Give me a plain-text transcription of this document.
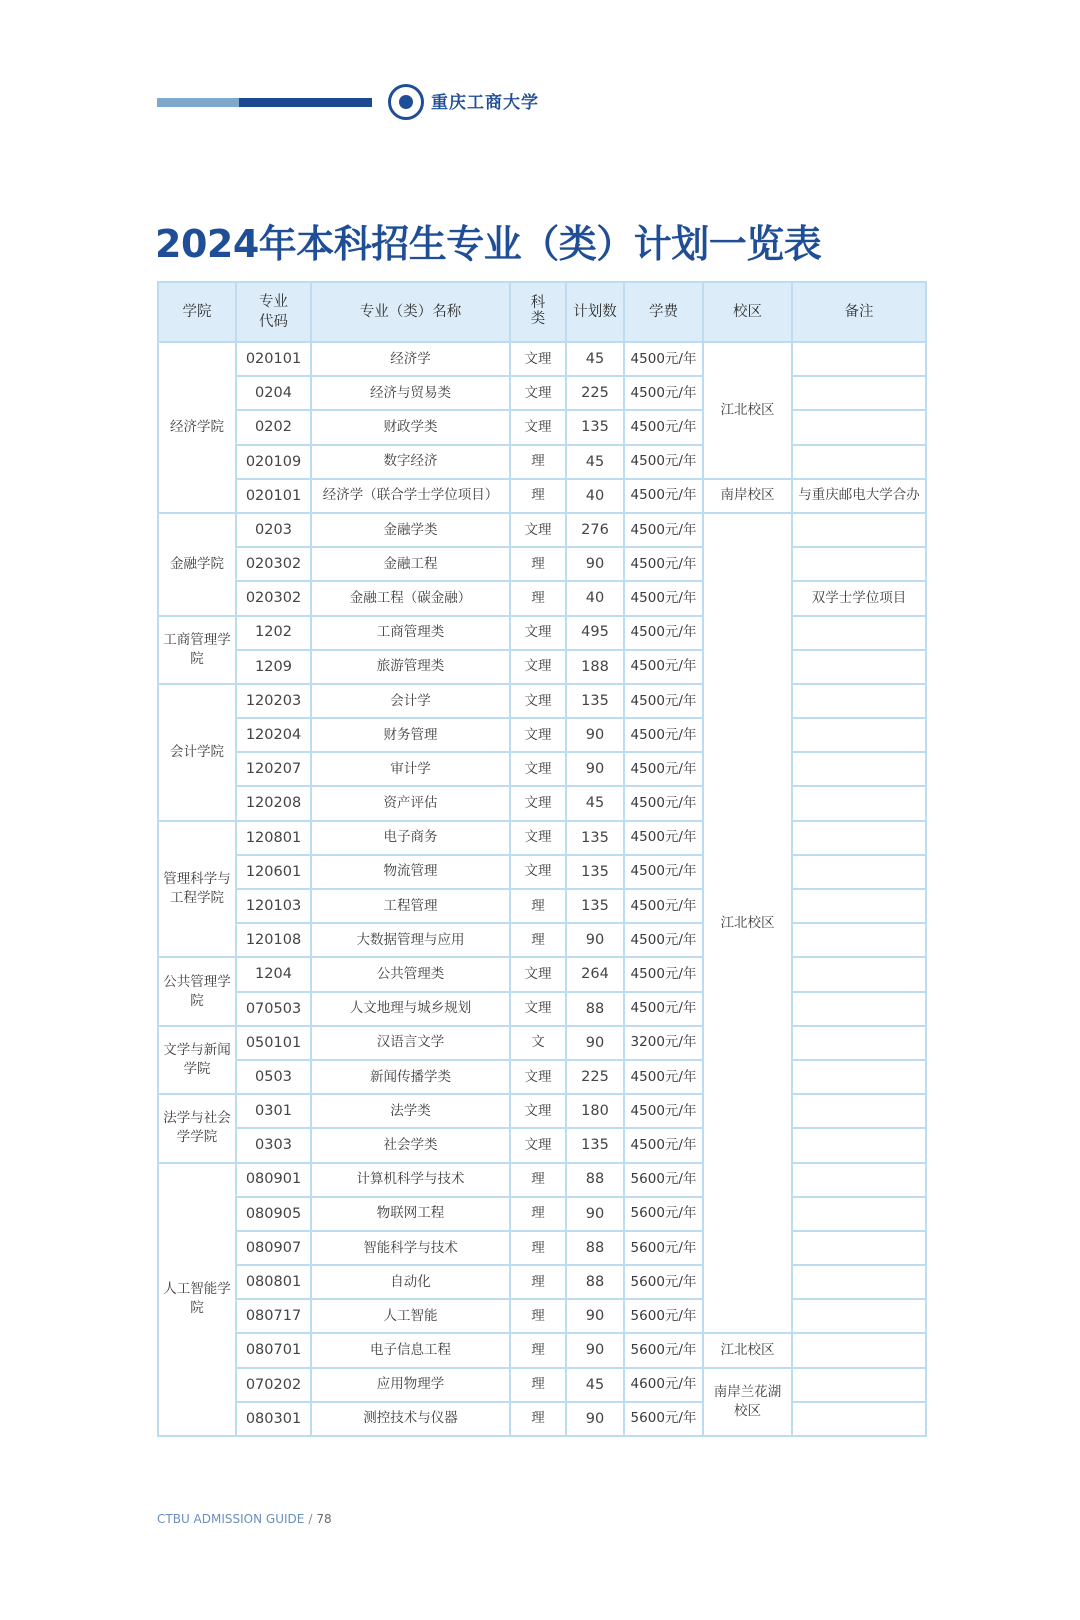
重庆工商大学
2024年本科招生专业（类）计划一览表
学院	专业代码	专业（类）名称	科类	计划数	学费	校区	备注
经济学院	020101	经济学	文理	45	4500元/年	江北校区	
	0204	经济与贸易类	文理	225	4500元/年		
	0202	财政学类	文理	135	4500元/年		
	020109	数字经济	理	45	4500元/年		
	020101	经济学（联合学士学位项目）	理	40	4500元/年	南岸校区	与重庆邮电大学合办
金融学院	0203	金融学类	文理	276	4500元/年	江北校区	
	020302	金融工程	理	90	4500元/年		
	020302	金融工程（碳金融）	理	40	4500元/年		双学士学位项目
工商管理学院	1202	工商管理类	文理	495	4500元/年		
	1209	旅游管理类	文理	188	4500元/年		
会计学院	120203	会计学	文理	135	4500元/年		
	120204	财务管理	文理	90	4500元/年		
	120207	审计学	文理	90	4500元/年		
	120208	资产评估	文理	45	4500元/年		
管理科学与工程学院	120801	电子商务	文理	135	4500元/年		
	120601	物流管理	文理	135	4500元/年		
	120103	工程管理	理	135	4500元/年		
	120108	大数据管理与应用	理	90	4500元/年		
公共管理学院	1204	公共管理类	文理	264	4500元/年		
	070503	人文地理与城乡规划	文理	88	4500元/年		
文学与新闻学院	050101	汉语言文学	文	90	3200元/年		
	0503	新闻传播学类	文理	225	4500元/年		
法学与社会学学院	0301	法学类	文理	180	4500元/年		
	0303	社会学类	文理	135	4500元/年		
人工智能学院	080901	计算机科学与技术	理	88	5600元/年		
	080905	物联网工程	理	90	5600元/年		
	080907	智能科学与技术	理	88	5600元/年		
	080801	自动化	理	88	5600元/年		
	080717	人工智能	理	90	5600元/年		
	080701	电子信息工程	理	90	5600元/年	江北校区	
	070202	应用物理学	理	45	4600元/年	南岸兰花湖校区	
	080301	测控技术与仪器	理	90	5600元/年		
CTBU ADMISSION GUIDE / 78
